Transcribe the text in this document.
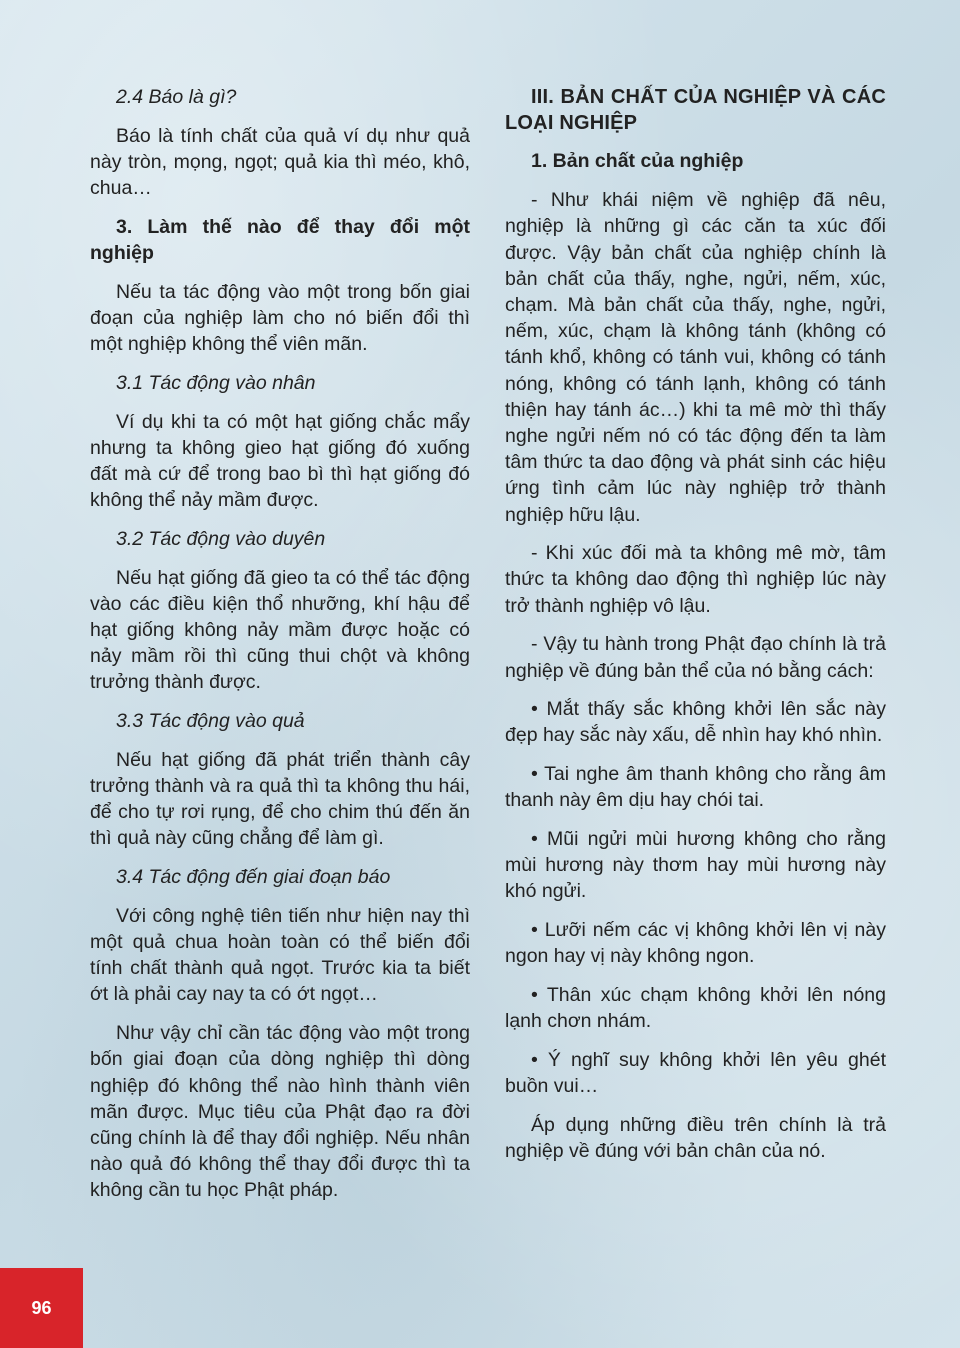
2.4 Báo là gì?

Báo là tính chất của quả ví dụ như quả này tròn, mọng, ngọt; quả kia thì méo, khô, chua…

3. Làm thế nào để thay đổi một nghiệp

Nếu ta tác động vào một trong bốn giai đoạn của nghiệp làm cho nó biến đổi thì một nghiệp không thể viên mãn.

3.1 Tác động vào nhân

Ví dụ khi ta có một hạt giống chắc mẩy nhưng ta không gieo hạt giống đó xuống đất mà cứ để trong bao bì thì hạt giống đó không thể nảy mầm được.

3.2 Tác động vào duyên

Nếu hạt giống đã gieo ta có thể tác động vào các điều kiện thổ nhưỡng, khí hậu để hạt giống không nảy mầm được hoặc có nảy mầm rồi thì cũng thui chột và không trưởng thành được.

3.3 Tác động vào quả

Nếu hạt giống đã phát triển thành cây trưởng thành và ra quả thì ta không thu hái, để cho tự rơi rụng, để cho chim thú đến ăn thì quả này cũng chẳng để làm gì.

3.4 Tác động đến giai đoạn báo

Với công nghệ tiên tiến như hiện nay thì một quả chua hoàn toàn có thể biến đổi tính chất thành quả ngọt. Trước kia ta biết ớt là phải cay nay ta có ớt ngọt…

Như vậy chỉ cần tác động vào một trong bốn giai đoạn của dòng nghiệp thì dòng nghiệp đó không thể nào hình thành viên mãn được. Mục tiêu của Phật đạo ra đời cũng chính là để thay đổi nghiệp. Nếu nhân nào quả đó không thể thay đổi được thì ta không cần tu học Phật pháp.

III. BẢN CHẤT CỦA NGHIỆP VÀ CÁC LOẠI NGHIỆP

1. Bản chất của nghiệp

- Như khái niệm về nghiệp đã nêu, nghiệp là những gì các căn ta xúc đối được. Vậy bản chất của nghiệp chính là bản chất của thấy, nghe, ngửi, nếm, xúc, chạm. Mà bản chất của thấy, nghe, ngửi, nếm, xúc, chạm là không tánh (không có tánh khổ, không có tánh vui, không có tánh nóng, không có tánh lạnh, không có tánh thiện hay tánh ác…) khi ta mê mờ thì thấy nghe ngửi nếm nó có tác động đến ta làm tâm thức ta dao động và phát sinh các hiệu ứng tình cảm lúc này nghiệp trở thành nghiệp hữu lậu.

- Khi xúc đối mà ta không mê mờ, tâm thức ta không dao động thì nghiệp lúc này trở thành nghiệp vô lậu.

- Vậy tu hành trong Phật đạo chính là trả nghiệp về đúng bản thể của nó bằng cách:

• Mắt thấy sắc không khởi lên sắc này đẹp hay sắc này xấu, dễ nhìn hay khó nhìn.

• Tai nghe âm thanh không cho rằng âm thanh này êm dịu hay chói tai.

• Mũi ngửi mùi hương không cho rằng mùi hương này thơm hay mùi hương này khó ngửi.

• Lưỡi nếm các vị không khởi lên vị này ngon hay vị này không ngon.

• Thân xúc chạm không khởi lên nóng lạnh chơn nhám.

• Ý nghĩ suy không khởi lên yêu ghét buồn vui…

Áp dụng những điều trên chính là trả nghiệp về đúng với bản chân của nó.

96
